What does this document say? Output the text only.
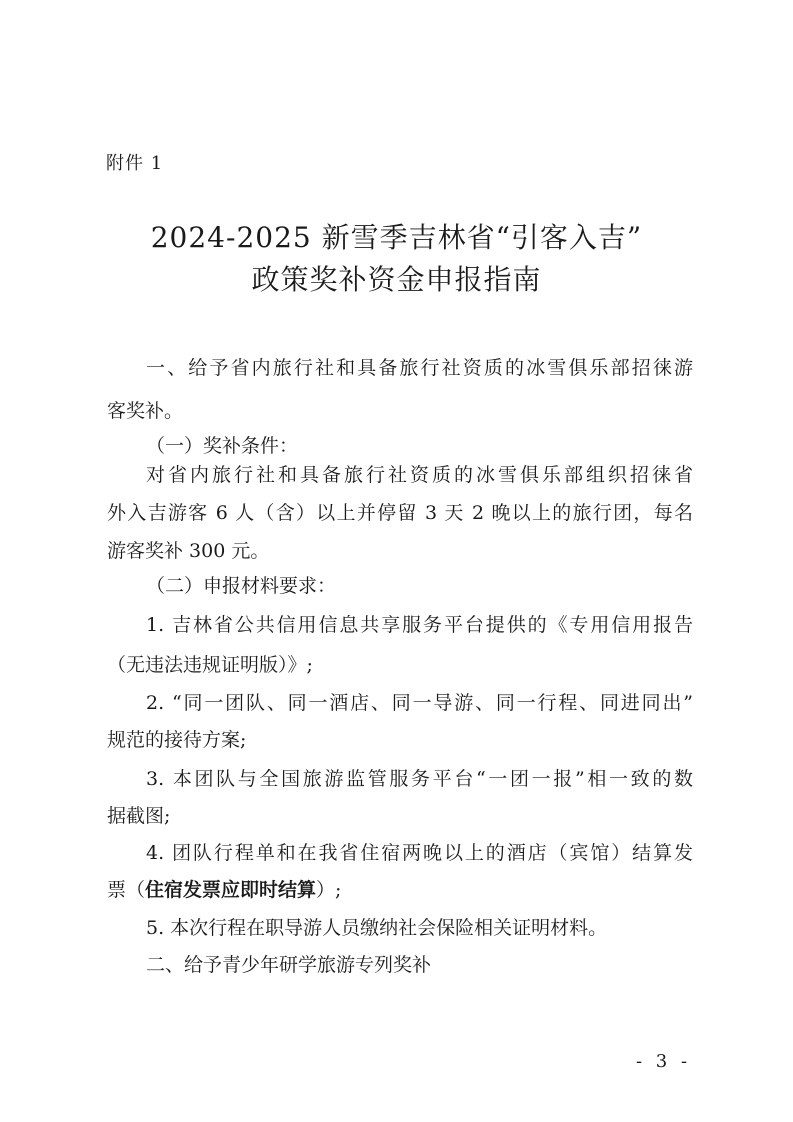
附件 1
2024-2025 新雪季吉林省“引客入吉”
政策奖补资金申报指南
一、给予省内旅行社和具备旅行社资质的冰雪俱乐部招徕游
客奖补。
（一）奖补条件：
对省内旅行社和具备旅行社资质的冰雪俱乐部组织招徕省
外入吉游客 6 人（含）以上并停留 3 天 2 晚以上的旅行团，每名
游客奖补 300 元。
（二）申报材料要求：
1. 吉林省公共信用信息共享服务平台提供的《专用信用报告
（无违法违规证明版）》;
2. “同一团队、同一酒店、同一导游、同一行程、同进同出”
规范的接待方案;
3. 本团队与全国旅游监管服务平台“一团一报”相一致的数
据截图;
4. 团队行程单和在我省住宿两晚以上的酒店（宾馆）结算发
票（住宿发票应即时结算）;
5. 本次行程在职导游人员缴纳社会保险相关证明材料。
二、给予青少年研学旅游专列奖补
- 3 -
